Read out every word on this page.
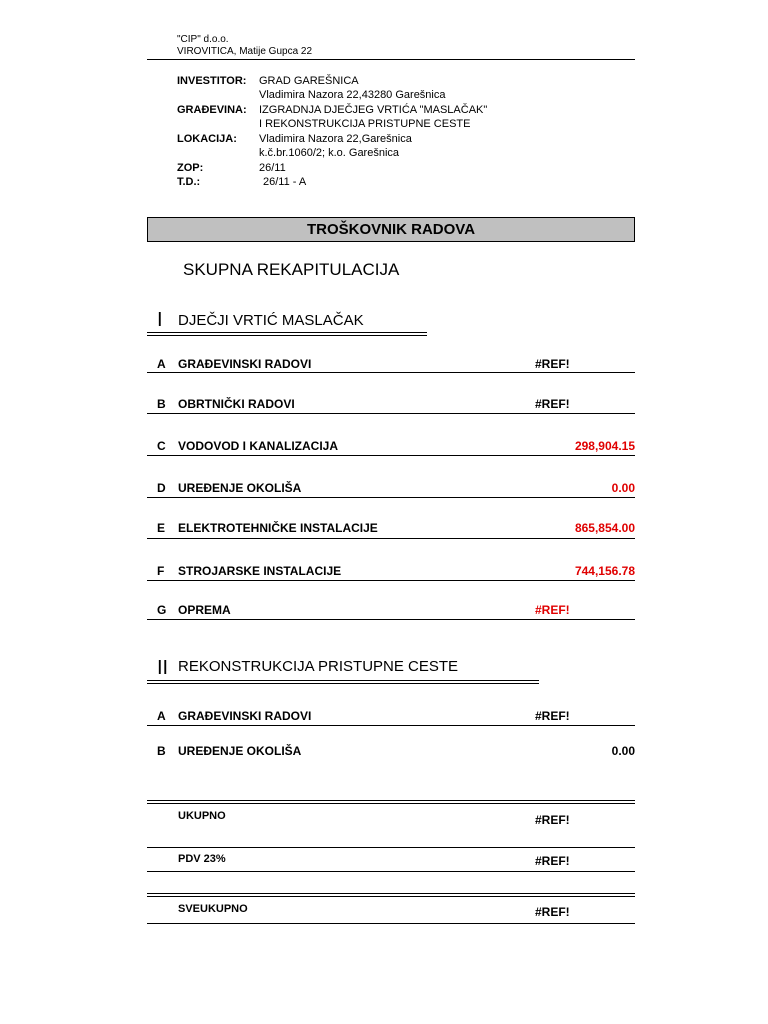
"CIP" d.o.o.
VIROVITICA, Matije Gupca 22
INVESTITOR: GRAD GAREŠNICA
Vladimira Nazora 22,43280 Garešnica
GRAĐEVINA: IZGRADNJA DJEČJEG VRTIĆA "MASLAČAK"
I REKONSTRUKCIJA PRISTUPNE CESTE
LOKACIJA: Vladimira Nazora 22,Garešnica
k.č.br.1060/2; k.o. Garešnica
ZOP:	26/11
T.D.:	26/11 - A
TROŠKOVNIK RADOVA
SKUPNA REKAPITULACIJA
I DJEČJI VRTIĆ MASLAČAK
A GRAĐEVINSKI RADOVI	#REF!
B OBRTNIČKI RADOVI	#REF!
C VODOVOD I KANALIZACIJA	298,904.15
D UREĐENJE OKOLIŠA	0.00
E ELEKTROTEHNIČKE INSTALACIJE	865,854.00
F STROJARSKE INSTALACIJE	744,156.78
G OPREMA	#REF!
II REKONSTRUKCIJA PRISTUPNE CESTE
A GRAĐEVINSKI RADOVI	#REF!
B UREĐENJE OKOLIŠA	0.00
UKUPNO	#REF!
PDV 23%	#REF!
SVEUKUPNO	#REF!
